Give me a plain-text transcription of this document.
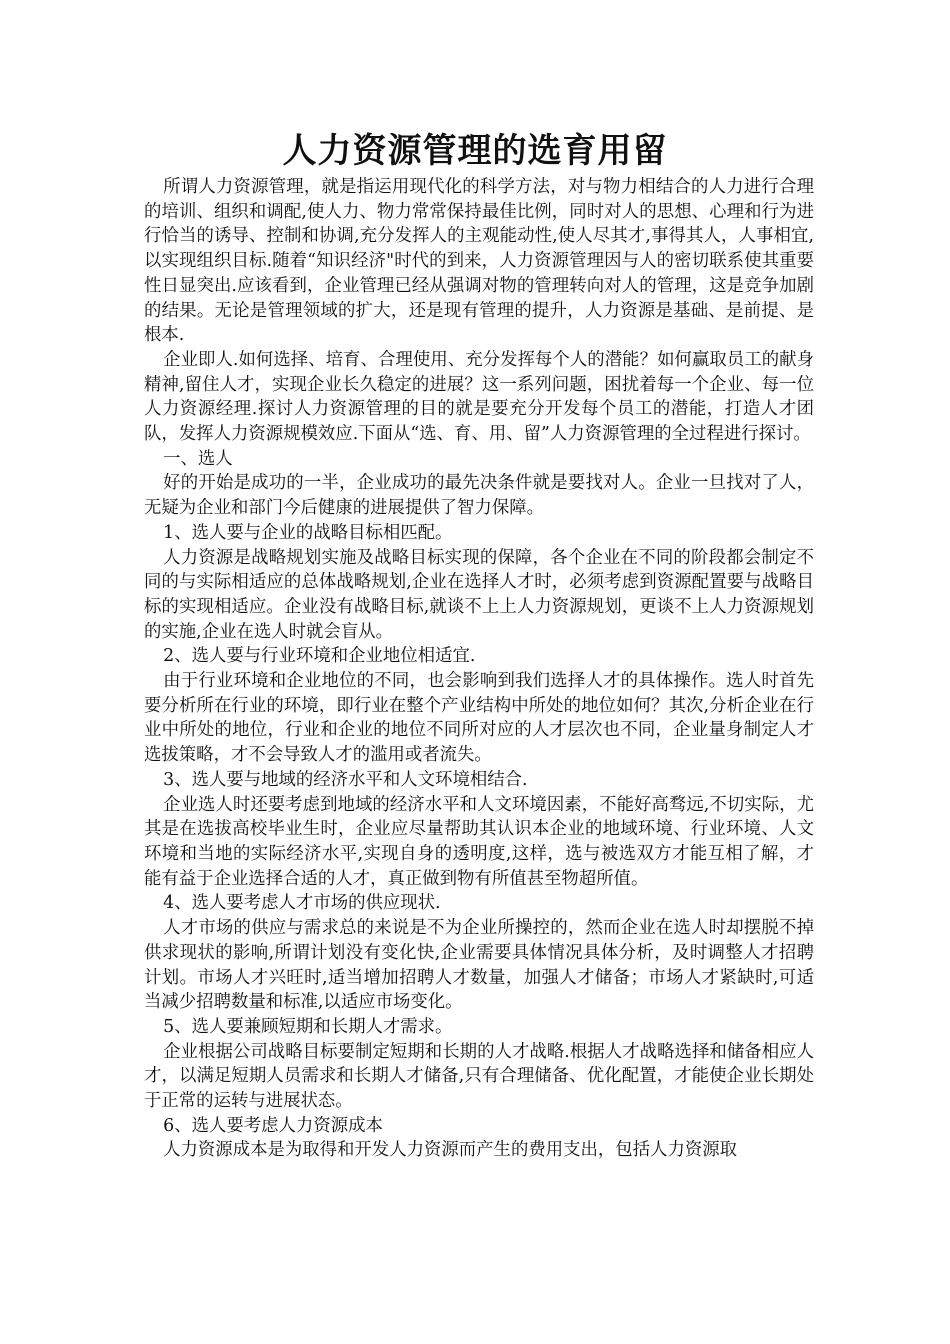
人力资源管理的选育用留

所谓人力资源管理，就是指运用现代化的科学方法，对与物力相结合的人力进行合理的培训、组织和调配,使人力、物力常常保持最佳比例，同时对人的思想、心理和行为进行恰当的诱导、控制和协调,充分发挥人的主观能动性,使人尽其才,事得其人，人事相宜,以实现组织目标.随着“知识经济"时代的到来，人力资源管理因与人的密切联系使其重要性日显突出.应该看到，企业管理已经从强调对物的管理转向对人的管理，这是竞争加剧的结果。无论是管理领域的扩大，还是现有管理的提升，人力资源是基础、是前提、是根本.

企业即人.如何选择、培育、合理使用、充分发挥每个人的潜能？如何赢取员工的献身精神,留住人才，实现企业长久稳定的进展？这一系列问题，困扰着每一个企业、每一位人力资源经理.探讨人力资源管理的目的就是要充分开发每个员工的潜能，打造人才团队，发挥人力资源规模效应.下面从“选、育、用、留”人力资源管理的全过程进行探讨。

一、选人

好的开始是成功的一半，企业成功的最先决条件就是要找对人。企业一旦找对了人，无疑为企业和部门今后健康的进展提供了智力保障。

1、选人要与企业的战略目标相匹配。

人力资源是战略规划实施及战略目标实现的保障，各个企业在不同的阶段都会制定不同的与实际相适应的总体战略规划,企业在选择人才时，必须考虑到资源配置要与战略目标的实现相适应。企业没有战略目标,就谈不上上人力资源规划，更谈不上人力资源规划的实施,企业在选人时就会盲从。

2、选人要与行业环境和企业地位相适宜.

由于行业环境和企业地位的不同，也会影响到我们选择人才的具体操作。选人时首先要分析所在行业的环境，即行业在整个产业结构中所处的地位如何？其次,分析企业在行业中所处的地位，行业和企业的地位不同所对应的人才层次也不同，企业量身制定人才选拔策略，才不会导致人才的滥用或者流失。

3、选人要与地域的经济水平和人文环境相结合.

企业选人时还要考虑到地域的经济水平和人文环境因素，不能好高骛远,不切实际，尤其是在选拔高校毕业生时，企业应尽量帮助其认识本企业的地域环境、行业环境、人文环境和当地的实际经济水平,实现自身的透明度,这样，选与被选双方才能互相了解，才能有益于企业选择合适的人才，真正做到物有所值甚至物超所值。

4、选人要考虑人才市场的供应现状.

人才市场的供应与需求总的来说是不为企业所操控的，然而企业在选人时却摆脱不掉供求现状的影响,所谓计划没有变化快,企业需要具体情况具体分析，及时调整人才招聘计划。市场人才兴旺时,适当增加招聘人才数量，加强人才储备；市场人才紧缺时,可适当减少招聘数量和标准,以适应市场变化。

5、选人要兼顾短期和长期人才需求。

企业根据公司战略目标要制定短期和长期的人才战略.根据人才战略选择和储备相应人才，以满足短期人员需求和长期人才储备,只有合理储备、优化配置，才能使企业长期处于正常的运转与进展状态。

6、选人要考虑人力资源成本

人力资源成本是为取得和开发人力资源而产生的费用支出，包括人力资源取
